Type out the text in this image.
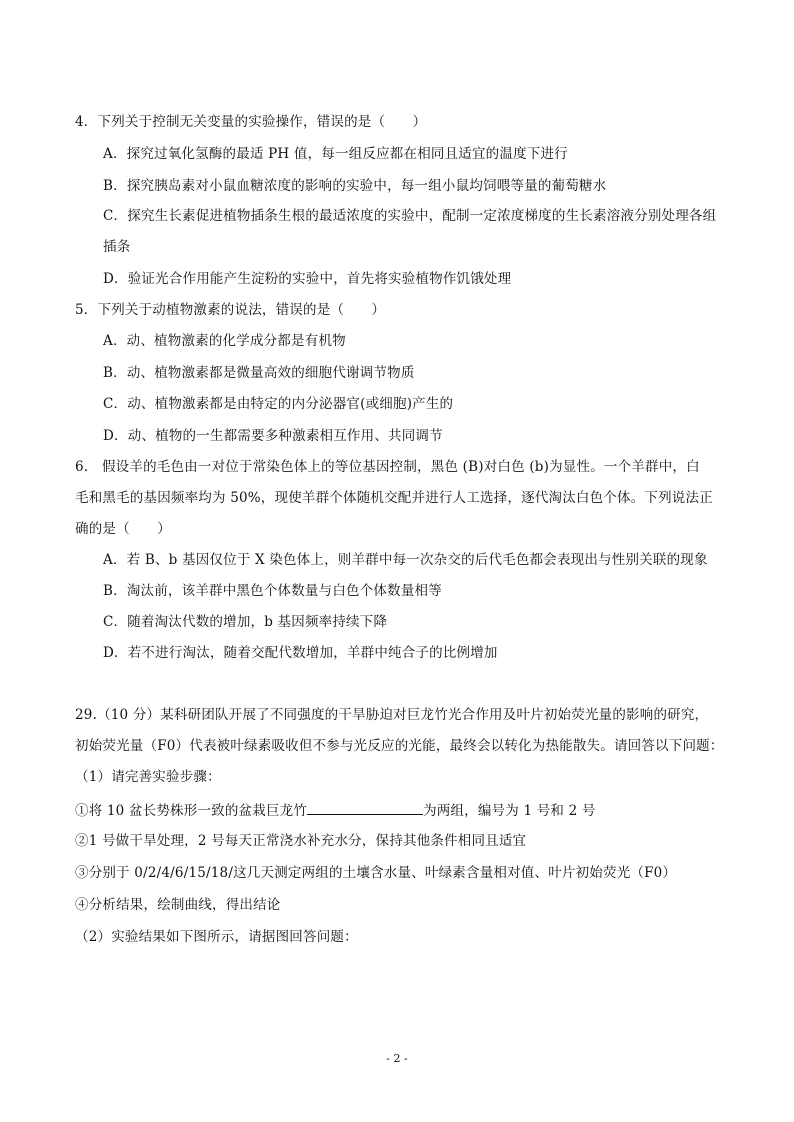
4．下列关于控制无关变量的实验操作，错误的是（　　）
A．探究过氧化氢酶的最适 PH 值，每一组反应都在相同且适宜的温度下进行
B．探究胰岛素对小鼠血糖浓度的影响的实验中，每一组小鼠均饲喂等量的葡萄糖水
C．探究生长素促进植物插条生根的最适浓度的实验中，配制一定浓度梯度的生长素溶液分别处理各组
插条
D．验证光合作用能产生淀粉的实验中，首先将实验植物作饥饿处理
5．下列关于动植物激素的说法，错误的是（　　）
A．动、植物激素的化学成分都是有机物
B．动、植物激素都是微量高效的细胞代谢调节物质
C．动、植物激素都是由特定的内分泌器官(或细胞)产生的
D．动、植物的一生都需要多种激素相互作用、共同调节
6.　假设羊的毛色由一对位于常染色体上的等位基因控制，黑色 (B)对白色 (b)为显性。一个羊群中，白
毛和黑毛的基因频率均为 50%，现使羊群个体随机交配并进行人工选择，逐代淘汰白色个体。下列说法正
确的是（　　）
A．若 B、b 基因仅位于 X 染色体上，则羊群中每一次杂交的后代毛色都会表现出与性别关联的现象
B．淘汰前，该羊群中黑色个体数量与白色个体数量相等
C．随着淘汰代数的增加，b 基因频率持续下降
D．若不进行淘汰，随着交配代数增加，羊群中纯合子的比例增加
29.（10 分）某科研团队开展了不同强度的干旱胁迫对巨龙竹光合作用及叶片初始荧光量的影响的研究，
初始荧光量（F0）代表被叶绿素吸收但不参与光反应的光能，最终会以转化为热能散失。请回答以下问题：
（1）请完善实验步骤：
①将 10 盆长势株形一致的盆栽巨龙竹	为两组，编号为 1 号和 2 号
②1 号做干旱处理，2 号每天正常浇水补充水分，保持其他条件相同且适宜
③分别于 0/2/4/6/15/18/这几天测定两组的土壤含水量、叶绿素含量相对值、叶片初始荧光（F0）
④分析结果，绘制曲线，得出结论
（2）实验结果如下图所示，请据图回答问题：
- 2 -
